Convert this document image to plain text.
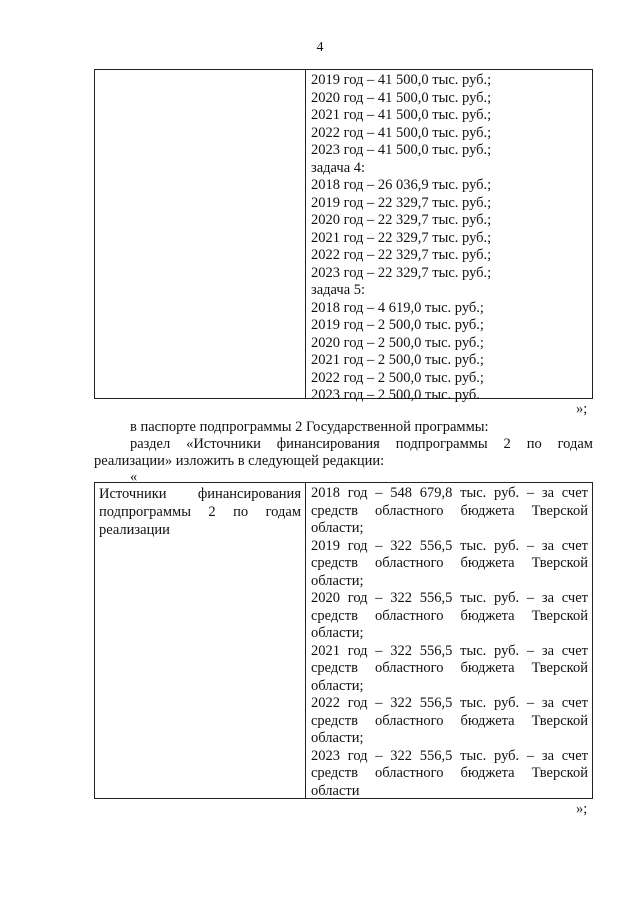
4
2019 год – 41 500,0 тыс. руб.;
2020 год – 41 500,0 тыс. руб.;
2021 год – 41 500,0 тыс. руб.;
2022 год – 41 500,0 тыс. руб.;
2023 год – 41 500,0 тыс. руб.;
задача 4:
2018 год – 26 036,9 тыс. руб.;
2019 год – 22 329,7 тыс. руб.;
2020 год – 22 329,7 тыс. руб.;
2021 год – 22 329,7 тыс. руб.;
2022 год – 22 329,7 тыс. руб.;
2023 год – 22 329,7 тыс. руб.;
задача 5:
2018 год – 4 619,0 тыс. руб.;
2019 год – 2 500,0 тыс. руб.;
2020 год – 2 500,0 тыс. руб.;
2021 год – 2 500,0 тыс. руб.;
2022 год – 2 500,0 тыс. руб.;
2023 год – 2 500,0 тыс. руб.
»;
в паспорте подпрограммы 2 Государственной программы:
раздел «Источники финансирования подпрограммы 2 по годам
реализации» изложить в следующей редакции:
«
Источники финансирования
подпрограммы 2 по годам
реализации
2018 год – 548 679,8 тыс. руб. – за счет
средств областного бюджета Тверской
области;
2019 год – 322 556,5 тыс. руб. – за счет
средств областного бюджета Тверской
области;
2020 год – 322 556,5 тыс. руб. – за счет
средств областного бюджета Тверской
области;
2021 год – 322 556,5 тыс. руб. – за счет
средств областного бюджета Тверской
области;
2022 год – 322 556,5 тыс. руб. – за счет
средств областного бюджета Тверской
области;
2023 год – 322 556,5 тыс. руб. – за счет
средств областного бюджета Тверской
области
»;
